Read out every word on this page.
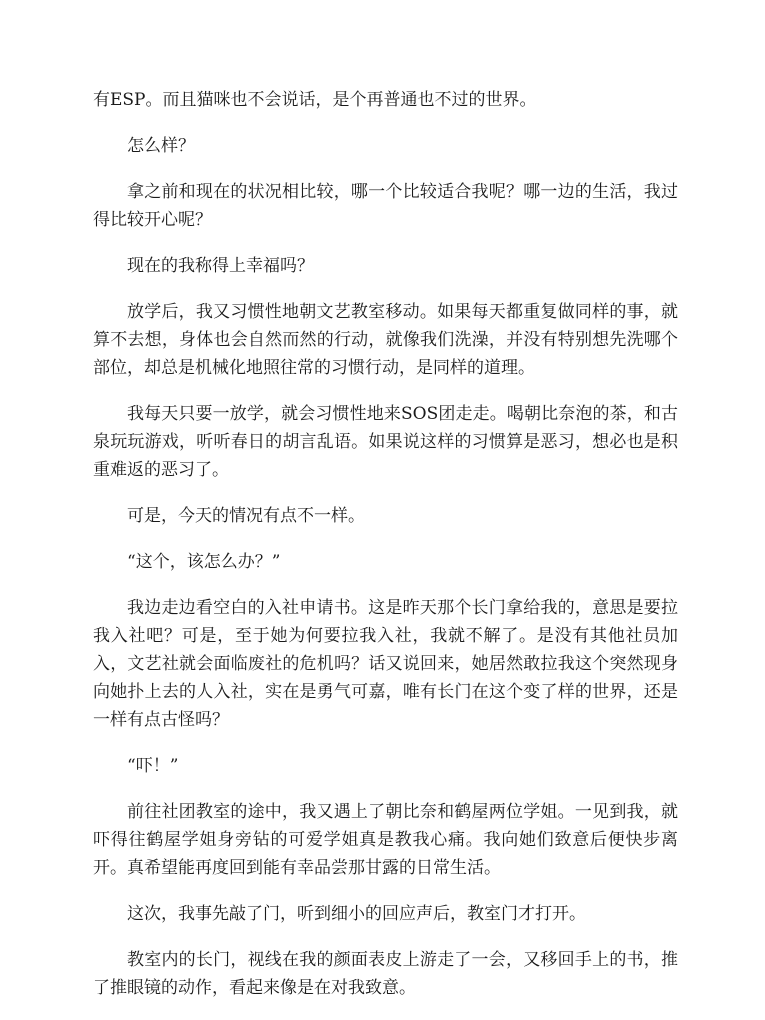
有ESP。而且猫咪也不会说话，是个再普通也不过的世界。

怎么样？

拿之前和现在的状况相比较，哪一个比较适合我呢？哪一边的生活，我过得比较开心呢？

现在的我称得上幸福吗？

放学后，我又习惯性地朝文艺教室移动。如果每天都重复做同样的事，就算不去想，身体也会自然而然的行动，就像我们洗澡，并没有特别想先洗哪个部位，却总是机械化地照往常的习惯行动，是同样的道理。

我每天只要一放学，就会习惯性地来SOS团走走。喝朝比奈泡的茶，和古泉玩玩游戏，听听春日的胡言乱语。如果说这样的习惯算是恶习，想必也是积重难返的恶习了。

可是，今天的情况有点不一样。

“这个，该怎么办？”

我边走边看空白的入社申请书。这是昨天那个长门拿给我的，意思是要拉我入社吧？可是，至于她为何要拉我入社，我就不解了。是没有其他社员加入，文艺社就会面临废社的危机吗？话又说回来，她居然敢拉我这个突然现身向她扑上去的人入社，实在是勇气可嘉，唯有长门在这个变了样的世界，还是一样有点古怪吗？

“吓！”

前往社团教室的途中，我又遇上了朝比奈和鹤屋两位学姐。一见到我，就吓得往鹤屋学姐身旁钻的可爱学姐真是教我心痛。我向她们致意后便快步离开。真希望能再度回到能有幸品尝那甘露的日常生活。

这次，我事先敲了门，听到细小的回应声后，教室门才打开。

教室内的长门，视线在我的颜面表皮上游走了一会，又移回手上的书，推了推眼镜的动作，看起来像是在对我致意。
